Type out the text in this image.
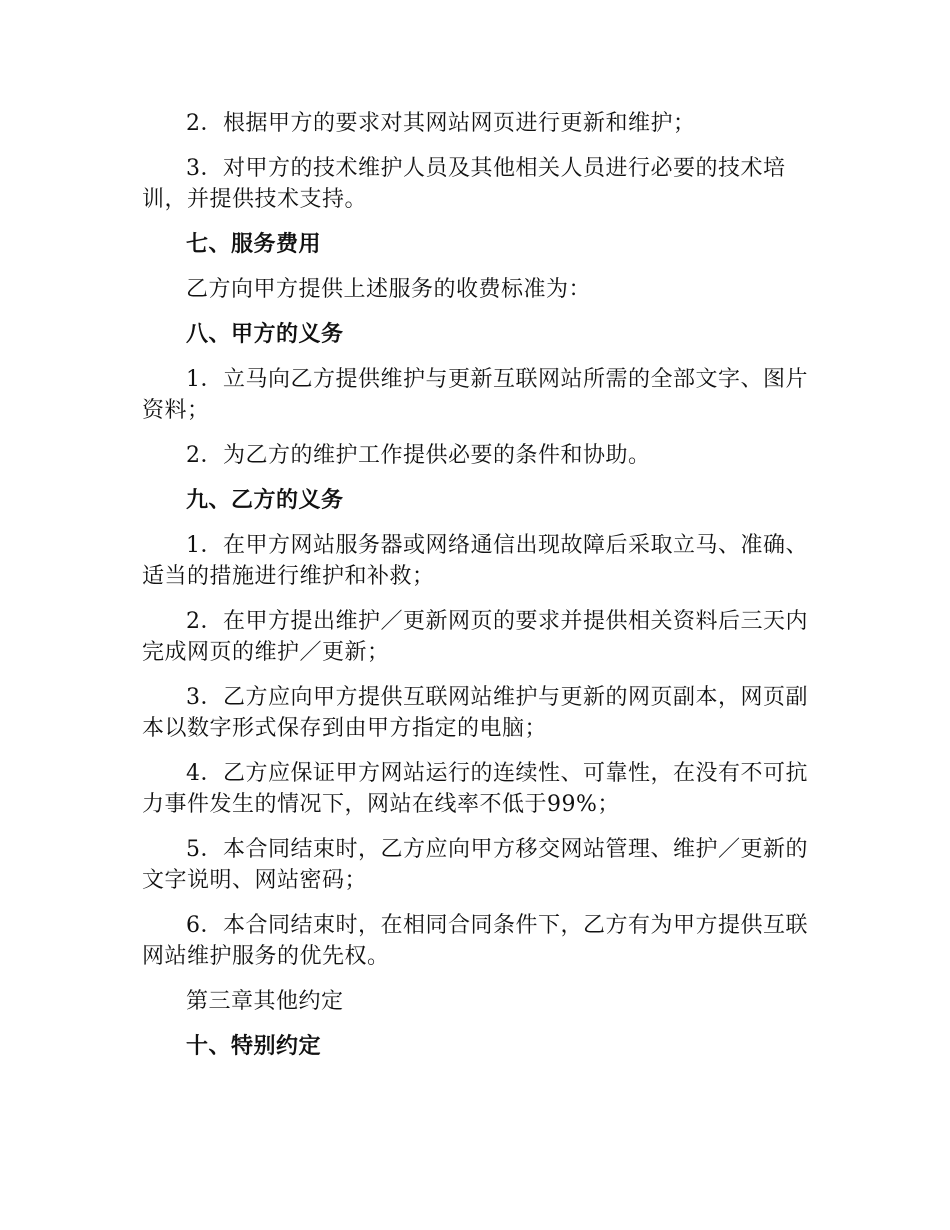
2．根据甲方的要求对其网站网页进行更新和维护；

3．对甲方的技术维护人员及其他相关人员进行必要的技术培训，并提供技术支持。

七、服务费用

乙方向甲方提供上述服务的收费标准为：

八、甲方的义务

1．立马向乙方提供维护与更新互联网站所需的全部文字、图片资料；

2．为乙方的维护工作提供必要的条件和协助。

九、乙方的义务

1．在甲方网站服务器或网络通信出现故障后采取立马、准确、适当的措施进行维护和补救；

2．在甲方提出维护／更新网页的要求并提供相关资料后三天内完成网页的维护／更新；

3．乙方应向甲方提供互联网站维护与更新的网页副本，网页副本以数字形式保存到由甲方指定的电脑；

4．乙方应保证甲方网站运行的连续性、可靠性，在没有不可抗力事件发生的情况下，网站在线率不低于99%；

5．本合同结束时，乙方应向甲方移交网站管理、维护／更新的文字说明、网站密码；

6．本合同结束时，在相同合同条件下，乙方有为甲方提供互联网站维护服务的优先权。

第三章其他约定

十、特别约定
